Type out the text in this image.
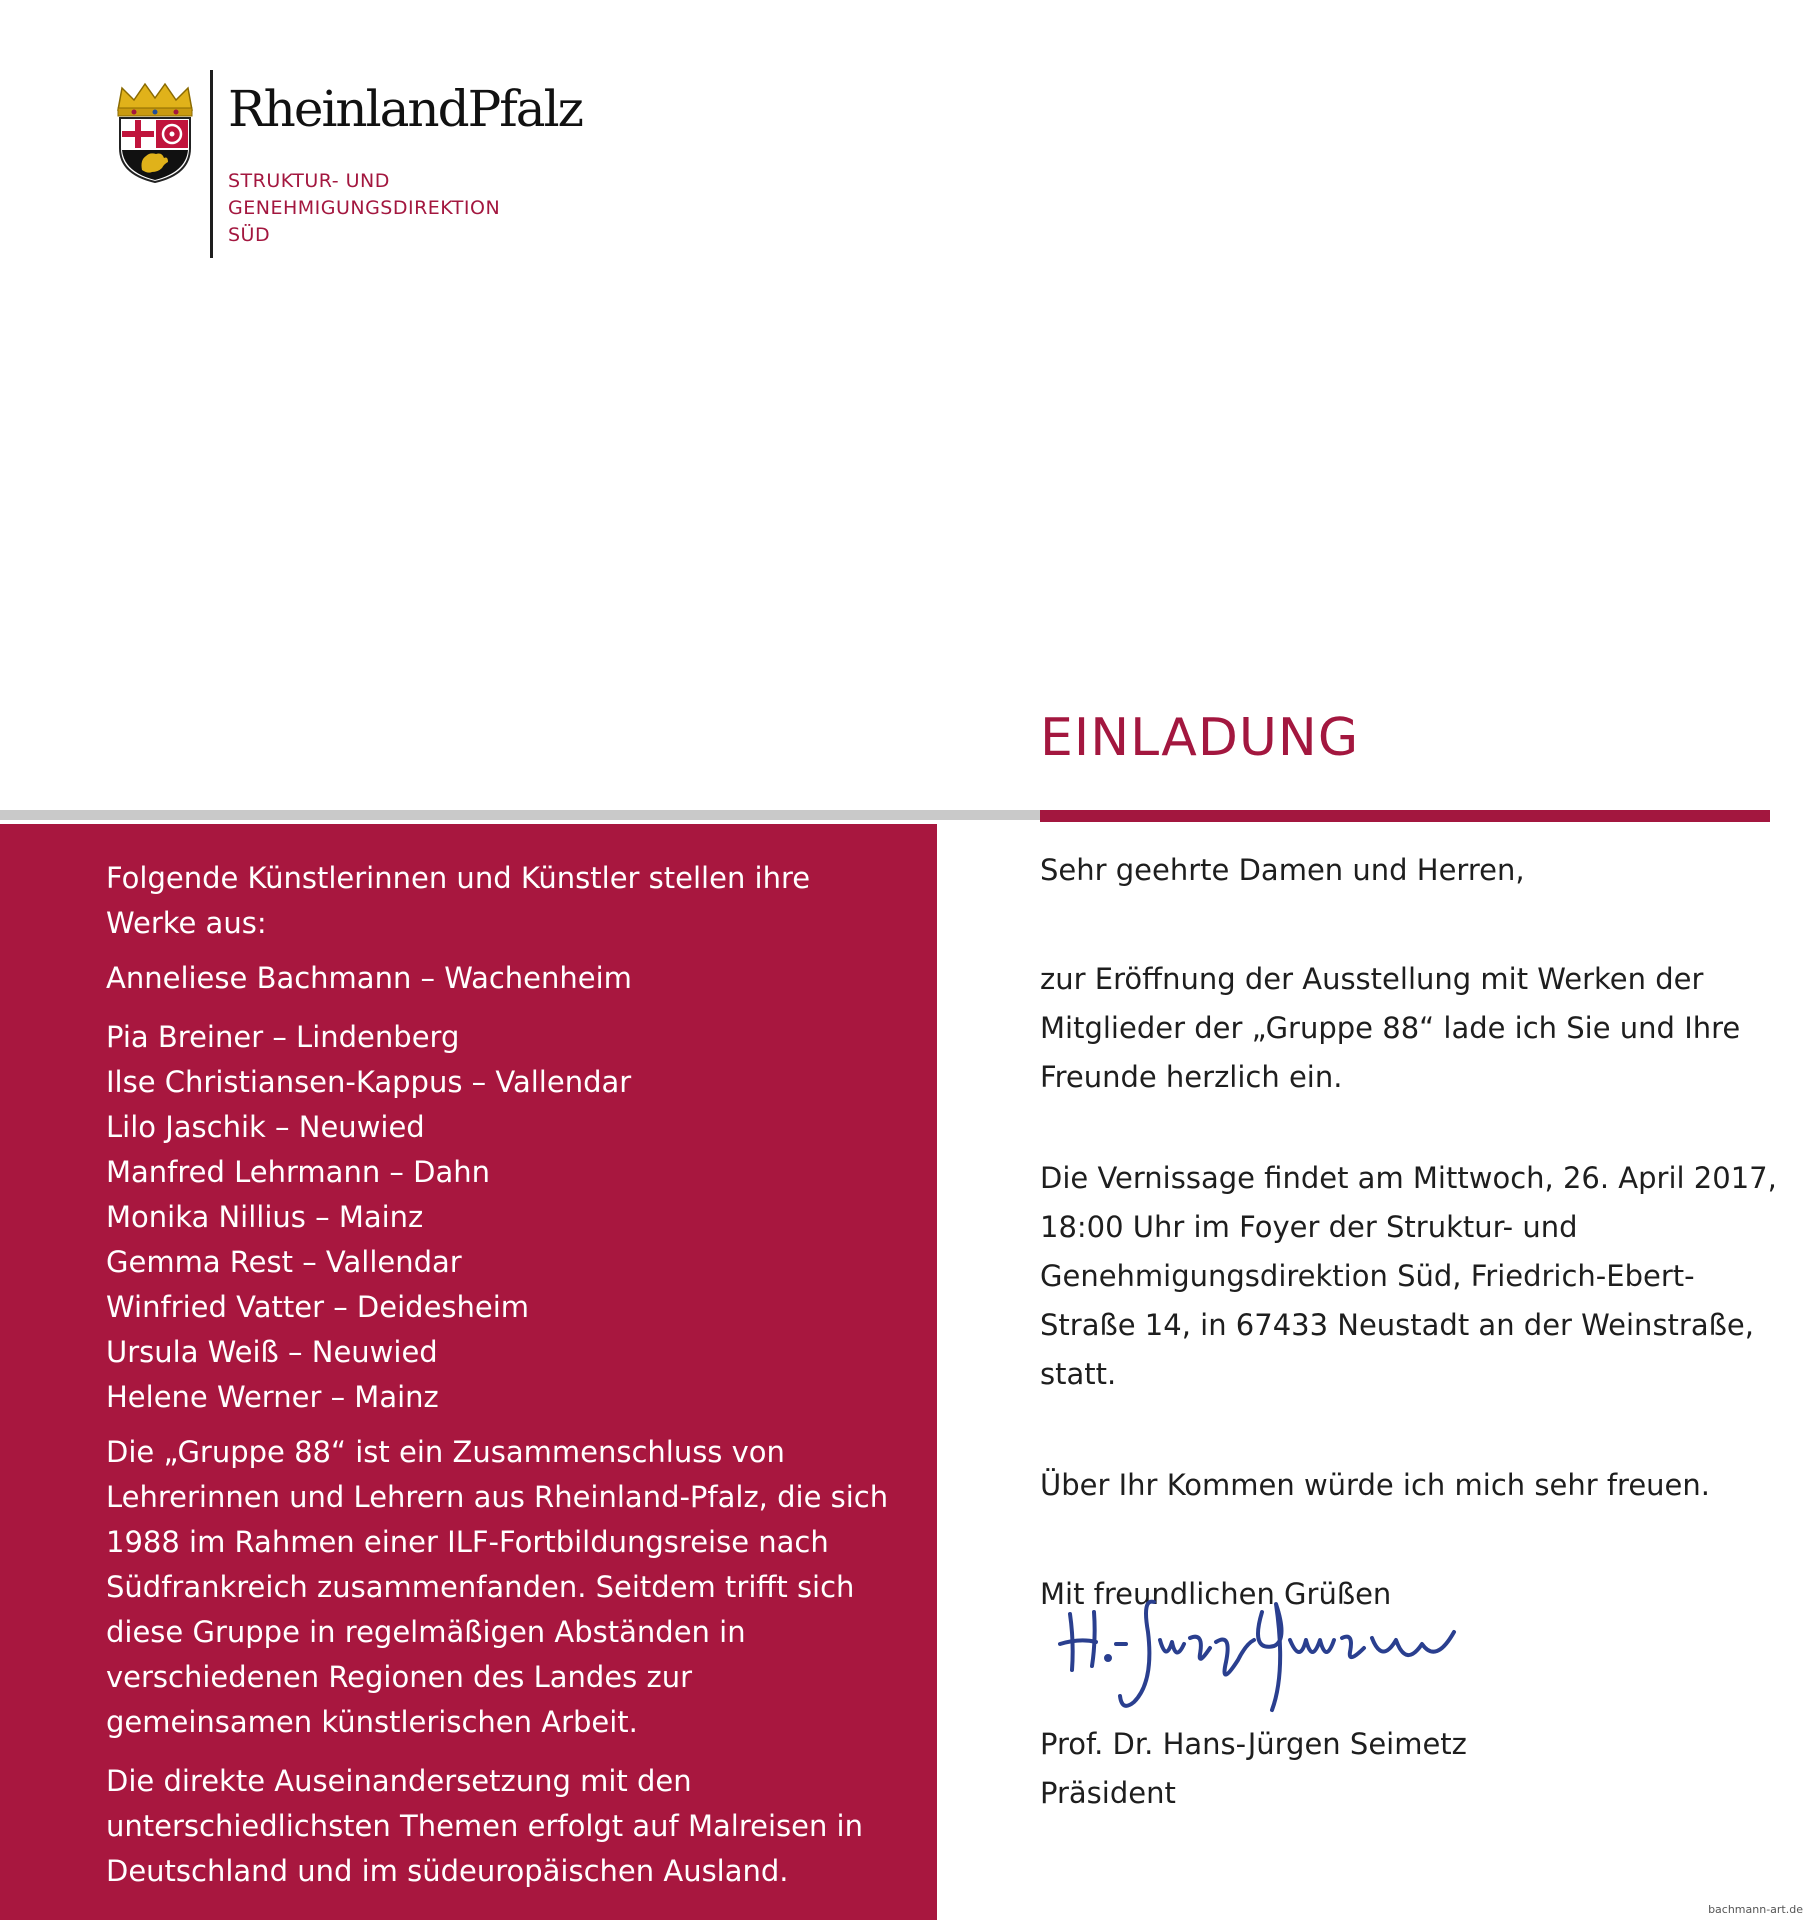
RheinlandPfalz
STRUKTUR- UND
GENEHMIGUNGSDIREKTION
SÜD
EINLADUNG

Folgende Künstlerinnen und Künstler stellen ihre Werke aus:

Anneliese Bachmann – Wachenheim
Pia Breiner – Lindenberg
Ilse Christiansen-Kappus – Vallendar
Lilo Jaschik – Neuwied
Manfred Lehrmann – Dahn
Monika Nillius – Mainz
Gemma Rest – Vallendar
Winfried Vatter – Deidesheim
Ursula Weiß – Neuwied
Helene Werner – Mainz

Die „Gruppe 88“ ist ein Zusammenschluss von Lehrerinnen und Lehrern aus Rheinland-Pfalz, die sich 1988 im Rahmen einer ILF-Fortbildungsreise nach Südfrankreich zusammenfanden. Seitdem trifft sich diese Gruppe in regelmäßigen Abständen in verschiedenen Regionen des Landes zur gemeinsamen künstlerischen Arbeit.

Die direkte Auseinandersetzung mit den unterschiedlichsten Themen erfolgt auf Malreisen in Deutschland und im südeuropäischen Ausland.

Sehr geehrte Damen und Herren,

zur Eröffnung der Ausstellung mit Werken der Mitglieder der „Gruppe 88“ lade ich Sie und Ihre Freunde herzlich ein.

Die Vernissage findet am Mittwoch, 26. April 2017, 18:00 Uhr im Foyer der Struktur- und Genehmigungsdirektion Süd, Friedrich-Ebert-Straße 14, in 67433 Neustadt an der Weinstraße, statt.

Über Ihr Kommen würde ich mich sehr freuen.

Mit freundlichen Grüßen

Prof. Dr. Hans-Jürgen Seimetz

Präsident

bachmann-art.de
